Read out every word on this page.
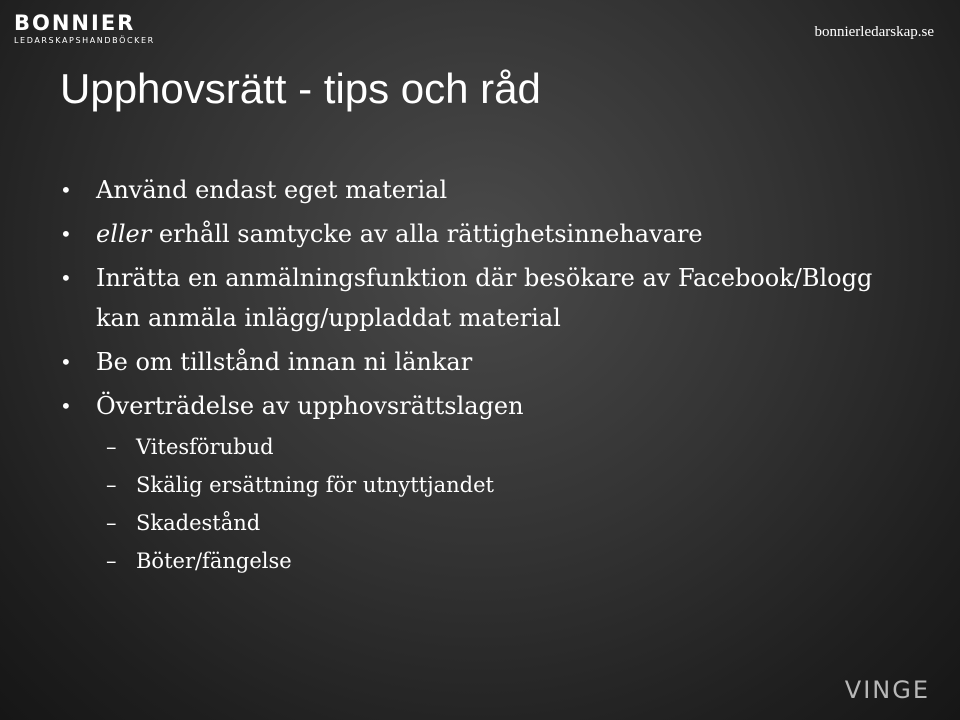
BONNIER
LEDARSKAPSHANDBÖCKER
bonnierledarskap.se
Upphovsrätt - tips och råd
• Använd endast eget material
• eller erhåll samtycke av alla rättighetsinnehavare
• Inrätta en anmälningsfunktion där besökare av Facebook/Blogg kan anmäla inlägg/uppladdat material
• Be om tillstånd innan ni länkar
• Överträdelse av upphovsrättslagen
– Vitesförubud
– Skälig ersättning för utnyttjandet
– Skadestånd
– Böter/fängelse
VINGE
